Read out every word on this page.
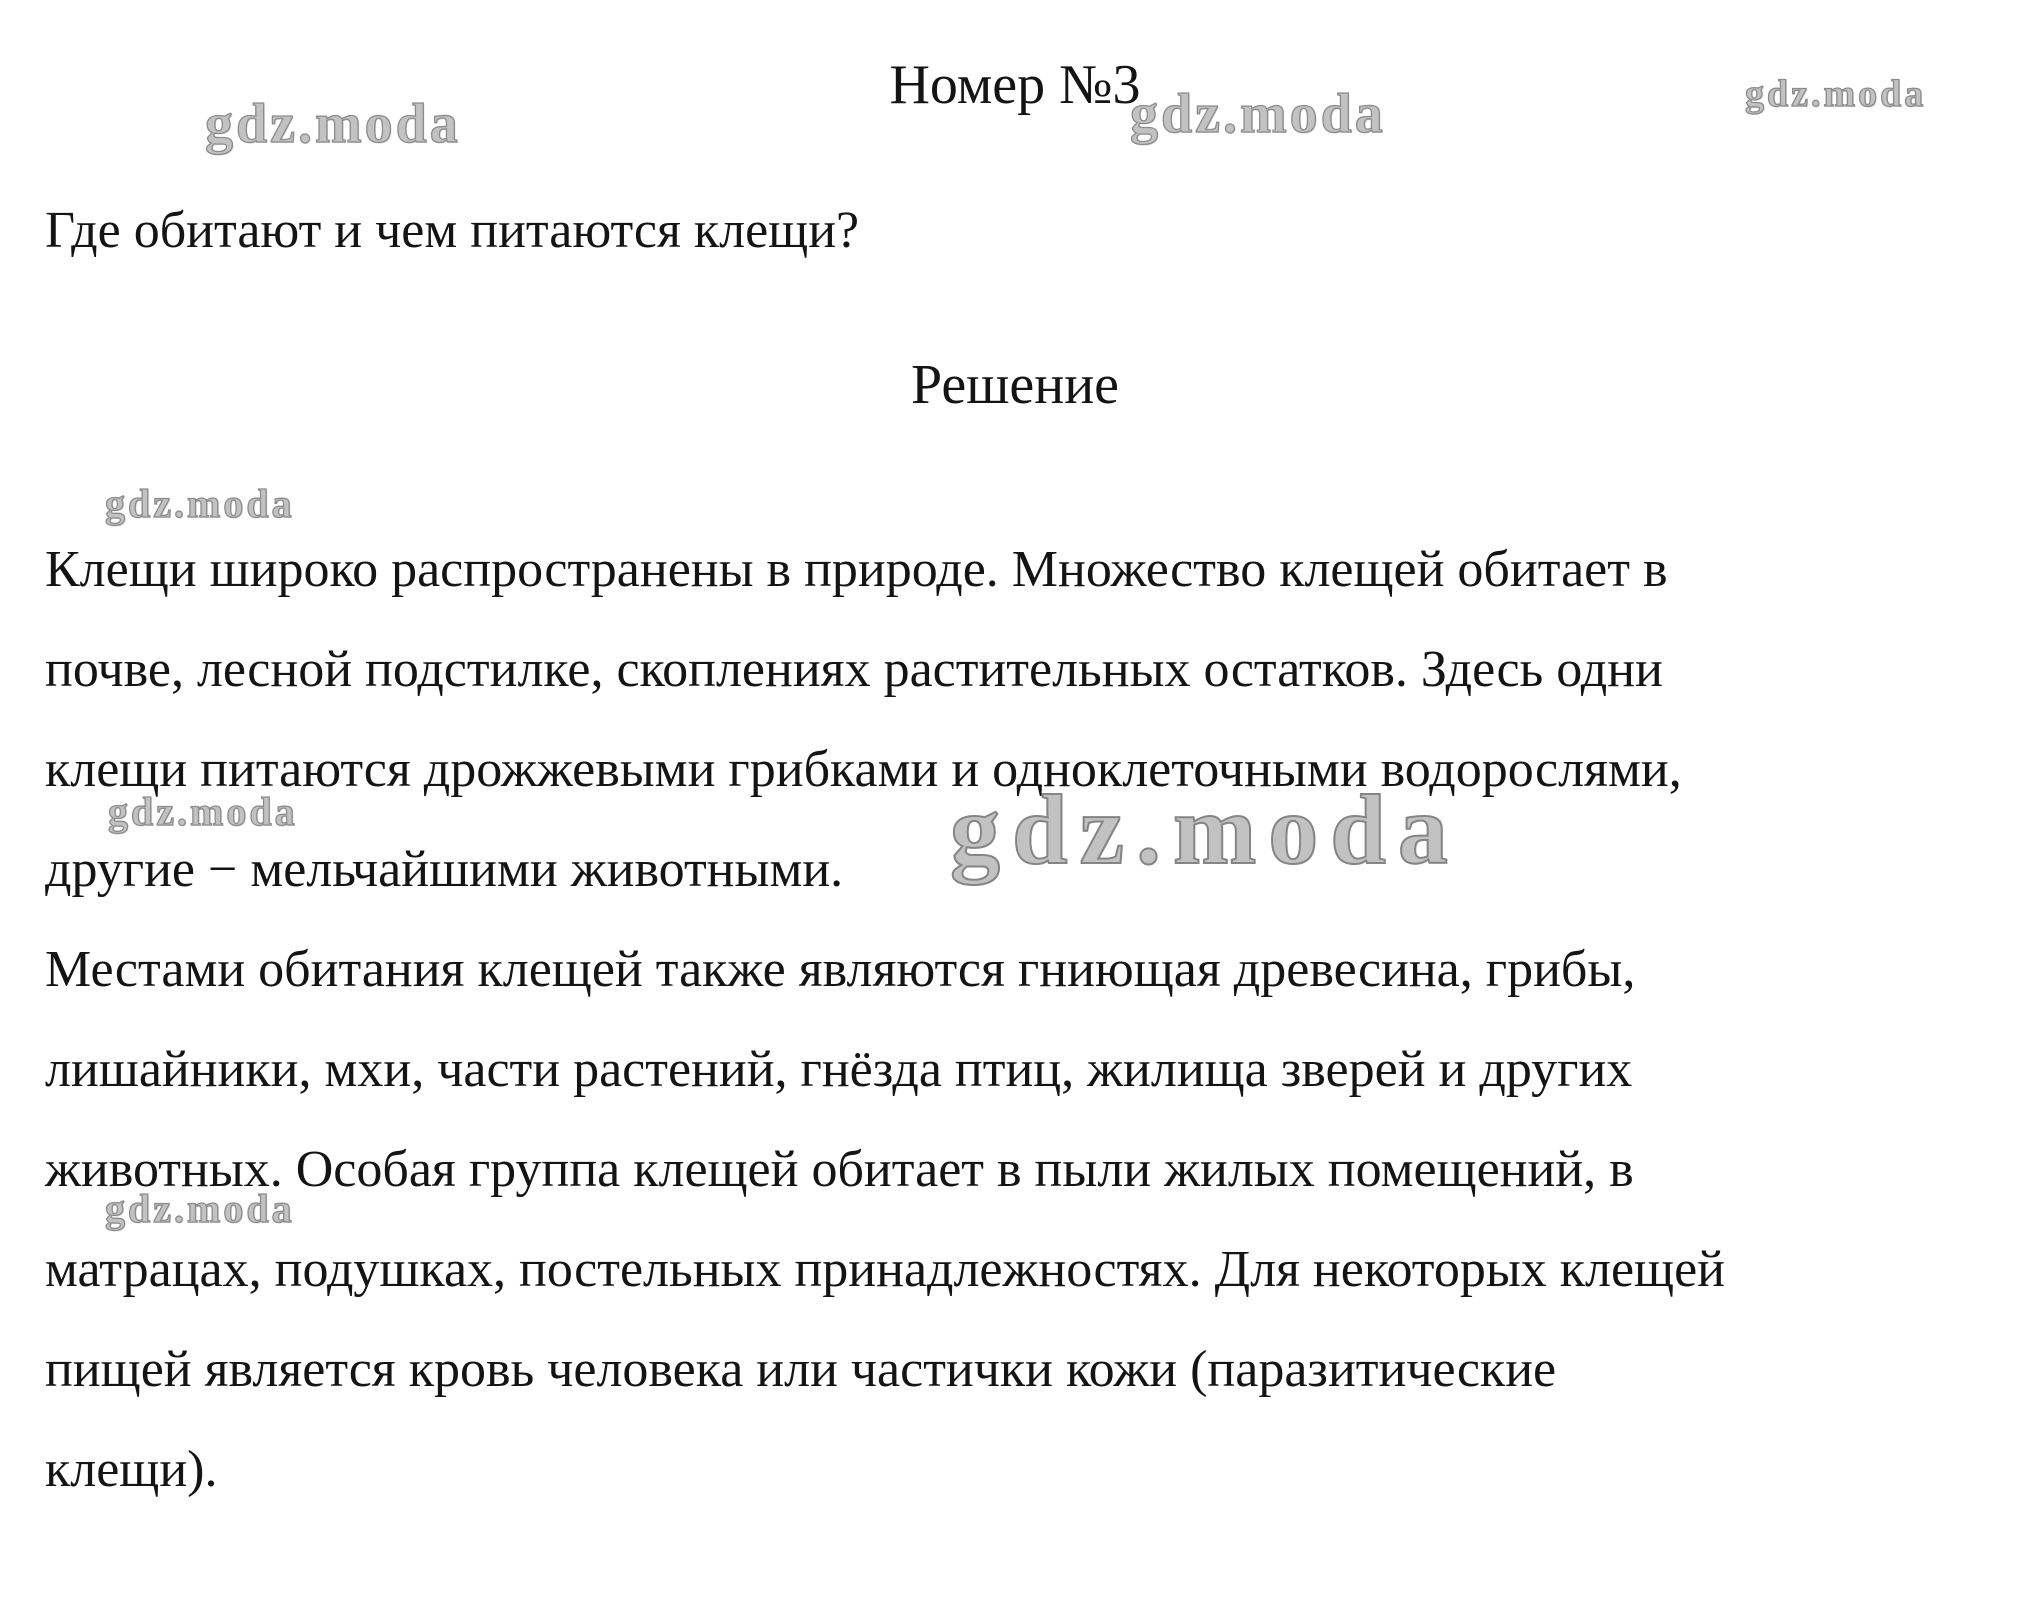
gdz.moda	gdz.moda	gdz.moda
gdz.moda
gdz.moda	gdz.moda
gdz.moda
Номер №3
Где обитают и чем питаются клещи?
Решение
Клещи широко распространены в природе. Множество клещей обитает в
почве, лесной подстилке, скоплениях растительных остатков. Здесь одни
клещи питаются дрожжевыми грибками и одноклеточными водорослями,
другие − мельчайшими животными.
Местами обитания клещей также являются гниющая древесина, грибы,
лишайники, мхи, части растений, гнёзда птиц, жилища зверей и других
животных. Особая группа клещей обитает в пыли жилых помещений, в
матрацах, подушках, постельных принадлежностях. Для некоторых клещей
пищей является кровь человека или частички кожи (паразитические
клещи).
